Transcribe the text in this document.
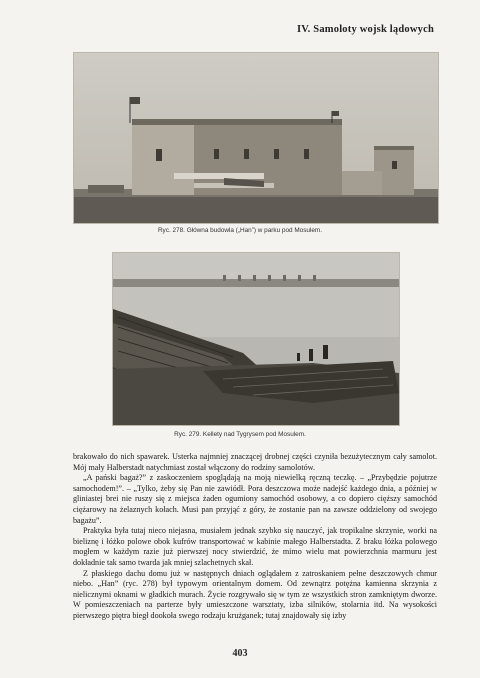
IV. Samoloty wojsk lądowych
Ryc. 278. Główna budowla („Han”) w parku pod Mosulem.
Ryc. 279. Kellety nad Tygrysem pod Mosulem.

brakowało do nich spawarek. Usterka najmniej znaczącej drobnej części czyniła bezużytecznym cały samolot. Mój mały Halberstadt natychmiast został włączony do rodziny samolotów.

„A pański bagaż?” z zaskoczeniem spoglądają na moją niewielką ręczną teczkę. – „Przybędzie pojutrze samochodem!”. – „Tylko, żeby się Pan nie zawiódł. Pora deszczowa może nadejść każdego dnia, a później w gliniastej brei nie ruszy się z miejsca żaden ogumiony samochód osobowy, a co dopiero cięższy samochód ciężarowy na żelaznych kołach. Musi pan przyjąć z góry, że zostanie pan na zawsze oddzielony od swojego bagażu”.

Praktyka była tutaj nieco niejasna, musiałem jednak szybko się nauczyć, jak tropikalne skrzynie, worki na bieliznę i łóżko polowe obok kufrów transportować w kabinie małego Halberstadta. Z braku łóżka polowego mogłem w każdym razie już pierwszej nocy stwierdzić, że mimo wielu mat powierzchnia marmuru jest dokładnie tak samo twarda jak mniej szlachetnych skał.

Z płaskiego dachu domu już w następnych dniach oglądałem z zatroskaniem pełne deszczowych chmur niebo. „Han” (ryc. 278) był typowym orientalnym domem. Od zewnątrz potężna kamienna skrzynia z nielicznymi oknami w gładkich murach. Życie rozgrywało się w tym ze wszystkich stron zamkniętym dworze. W pomieszczeniach na parterze były umieszczone warsztaty, izba silników, stolarnia itd. Na wysokości pierwszego piętra biegł dookoła swego rodzaju krużganek; tutaj znajdowały się izby

403
